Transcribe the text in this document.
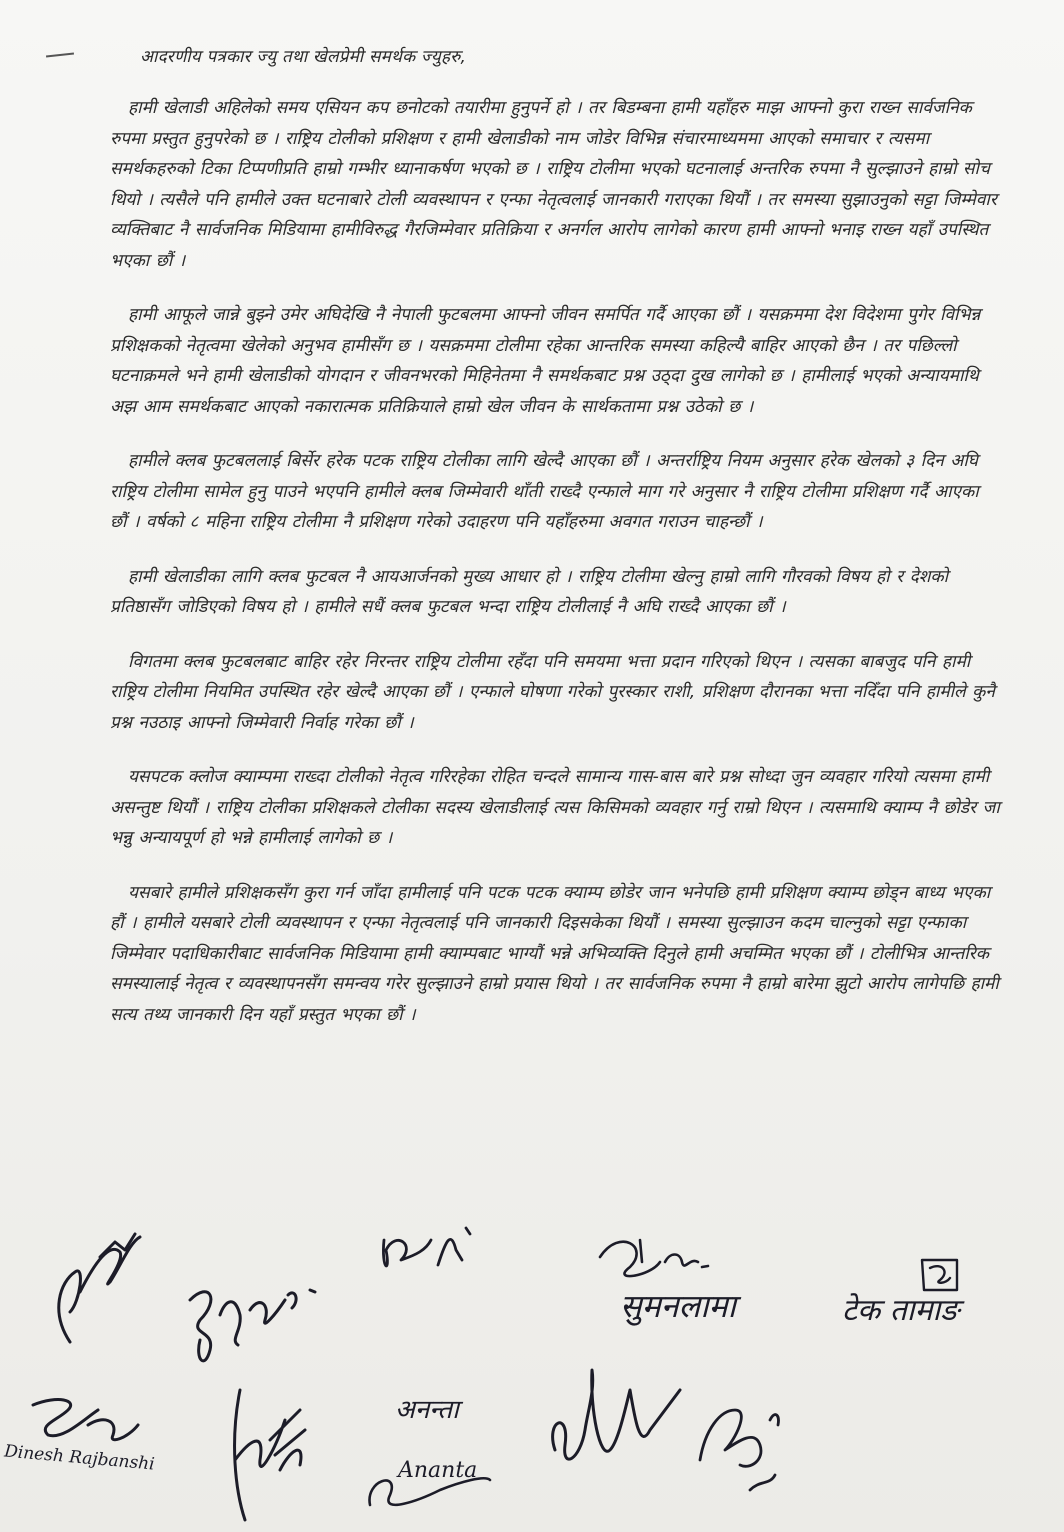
आदरणीय पत्रकार ज्यु तथा खेलप्रेमी समर्थक ज्युहरु,

हामी खेलाडी अहिलेको समय एसियन कप छनोटको तयारीमा हुनुपर्ने हो । तर बिडम्बना हामी यहाँहरु माझ आफ्नो कुरा राख्न सार्वजनिक रुपमा प्रस्तुत हुनुपरेको छ । राष्ट्रिय टोलीको प्रशिक्षण र हामी खेलाडीको नाम जोडेर विभिन्न संचारमाध्यममा आएको समाचार र त्यसमा समर्थकहरुको टिका टिप्पणीप्रति हाम्रो गम्भीर ध्यानाकर्षण भएको छ । राष्ट्रिय टोलीमा भएको घटनालाई अन्तरिक रुपमा नै सुल्झाउने हाम्रो सोच थियो । त्यसैले पनि हामीले उक्त घटनाबारे टोली व्यवस्थापन र एन्फा नेतृत्वलाई जानकारी गराएका थियौं । तर समस्या सुझाउनुको सट्टा जिम्मेवार व्यक्तिबाट नै सार्वजनिक मिडियामा हामीविरुद्ध गैरजिम्मेवार प्रतिक्रिया र अनर्गल आरोप लागेको कारण हामी आफ्नो भनाइ राख्न यहाँ उपस्थित भएका छौं ।

हामी आफूले जान्ने बुझ्ने उमेर अघिदेखि नै नेपाली फुटबलमा आफ्नो जीवन समर्पित गर्दै आएका छौं । यसक्रममा देश विदेशमा पुगेर विभिन्न प्रशिक्षकको नेतृत्वमा खेलेको अनुभव हामीसँग छ । यसक्रममा टोलीमा रहेका आन्तरिक समस्या कहिल्यै बाहिर आएको छैन । तर पछिल्लो घटनाक्रमले भने हामी खेलाडीको योगदान र जीवनभरको मिहिनेतमा नै समर्थकबाट प्रश्न उठ्दा दुख लागेको छ । हामीलाई भएको अन्यायमाथि अझ आम समर्थकबाट आएको नकारात्मक प्रतिक्रियाले हाम्रो खेल जीवन के सार्थकतामा प्रश्न उठेको छ ।

हामीले क्लब फुटबललाई बिर्सेर हरेक पटक राष्ट्रिय टोलीका लागि खेल्दै आएका छौं । अन्तर्राष्ट्रिय नियम अनुसार हरेक खेलको ३ दिन अघि राष्ट्रिय टोलीमा सामेल हुनु पाउने भएपनि हामीले क्लब जिम्मेवारी थाँती राख्दै एन्फाले माग गरे अनुसार नै राष्ट्रिय टोलीमा प्रशिक्षण गर्दै आएका छौं । वर्षको ८ महिना राष्ट्रिय टोलीमा नै प्रशिक्षण गरेको उदाहरण पनि यहाँहरुमा अवगत गराउन चाहन्छौं ।

हामी खेलाडीका लागि क्लब फुटबल नै आयआर्जनको मुख्य आधार हो । राष्ट्रिय टोलीमा खेल्नु हाम्रो लागि गौरवको विषय हो र देशको प्रतिष्ठासँग जोडिएको विषय हो । हामीले सधैं क्लब फुटबल भन्दा राष्ट्रिय टोलीलाई नै अघि राख्दै आएका छौं ।

विगतमा क्लब फुटबलबाट बाहिर रहेर निरन्तर राष्ट्रिय टोलीमा रहँदा पनि समयमा भत्ता प्रदान गरिएको थिएन । त्यसका बाबजुद पनि हामी राष्ट्रिय टोलीमा नियमित उपस्थित रहेर खेल्दै आएका छौं । एन्फाले घोषणा गरेको पुरस्कार राशी, प्रशिक्षण दौरानका भत्ता नदिँदा पनि हामीले कुनै प्रश्न नउठाइ आफ्नो जिम्मेवारी निर्वाह गरेका छौं ।

यसपटक क्लोज क्याम्पमा राख्दा टोलीको नेतृत्व गरिरहेका रोहित चन्दले सामान्य गास-बास बारे प्रश्न सोध्दा जुन व्यवहार गरियो त्यसमा हामी असन्तुष्ट थियौं । राष्ट्रिय टोलीका प्रशिक्षकले टोलीका सदस्य खेलाडीलाई त्यस किसिमको व्यवहार गर्नु राम्रो थिएन । त्यसमाथि क्याम्प नै छोडेर जा भन्नु अन्यायपूर्ण हो भन्ने हामीलाई लागेको छ ।

यसबारे हामीले प्रशिक्षकसँग कुरा गर्न जाँदा हामीलाई पनि पटक पटक क्याम्प छोडेर जान भनेपछि हामी प्रशिक्षण क्याम्प छोड्न बाध्य भएका हौं । हामीले यसबारे टोली व्यवस्थापन र एन्फा नेतृत्वलाई पनि जानकारी दिइसकेका थियौं । समस्या सुल्झाउन कदम चाल्नुको सट्टा एन्फाका जिम्मेवार पदाधिकारीबाट सार्वजनिक मिडियामा हामी क्याम्पबाट भाग्यौं भन्ने अभिव्यक्ति दिनुले हामी अचम्मित भएका छौं । टोलीभित्र आन्तरिक समस्यालाई नेतृत्व र व्यवस्थापनसँग समन्वय गरेर सुल्झाउने हाम्रो प्रयास थियो । तर सार्वजनिक रुपमा नै हाम्रो बारेमा झुटो आरोप लागेपछि हामी सत्य तथ्य जानकारी दिन यहाँ प्रस्तुत भएका छौं ।

सुमनलामा	टेक तामाङ
Dinesh Rajbanshi
अनन्ता
Ananta
